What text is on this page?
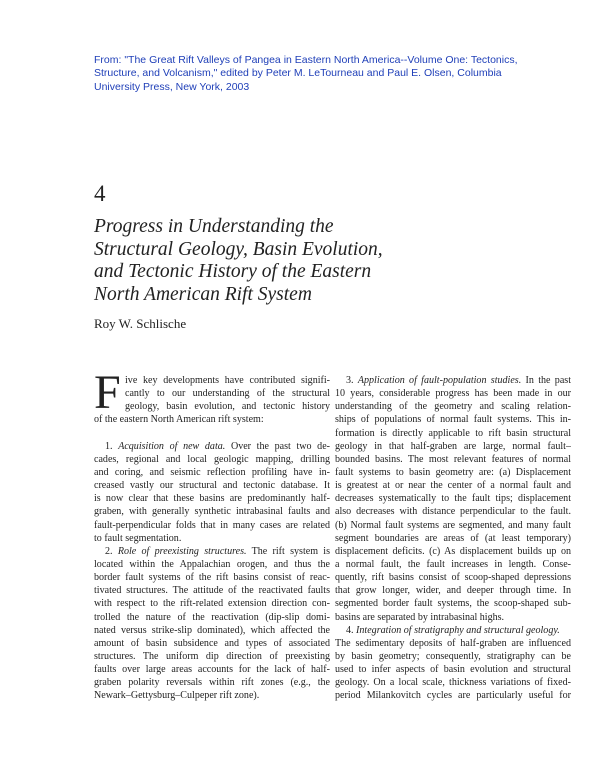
From: "The Great Rift Valleys of Pangea in Eastern North America--Volume One: Tectonics,
Structure, and Volcanism," edited by Peter M. LeTourneau and Paul E. Olsen, Columbia
University Press, New York, 2003
4
Progress in Understanding the
Structural Geology, Basin Evolution,
and Tectonic History of the Eastern
North American Rift System
Roy W. Schlische
F ive key developments have contributed signifi-
cantly to our understanding of the structural
geology, basin evolution, and tectonic history
of the eastern North American rift system:
1. Acquisition of new data. Over the past two de-
cades, regional and local geologic mapping, drilling
and coring, and seismic reflection profiling have in-
creased vastly our structural and tectonic database. It
is now clear that these basins are predominantly half-
graben, with generally synthetic intrabasinal faults and
fault-perpendicular folds that in many cases are related
to fault segmentation.
2. Role of preexisting structures. The rift system is
located within the Appalachian orogen, and thus the
border fault systems of the rift basins consist of reac-
tivated structures. The attitude of the reactivated faults
with respect to the rift-related extension direction con-
trolled the nature of the reactivation (dip-slip domi-
nated versus strike-slip dominated), which affected the
amount of basin subsidence and types of associated
structures. The uniform dip direction of preexisting
faults over large areas accounts for the lack of half-
graben polarity reversals within rift zones (e.g., the
Newark–Gettysburg–Culpeper rift zone).
3. Application of fault-population studies. In the past
10 years, considerable progress has been made in our
understanding of the geometry and scaling relation-
ships of populations of normal fault systems. This in-
formation is directly applicable to rift basin structural
geology in that half-graben are large, normal fault–
bounded basins. The most relevant features of normal
fault systems to basin geometry are: (a) Displacement
is greatest at or near the center of a normal fault and
decreases systematically to the fault tips; displacement
also decreases with distance perpendicular to the fault.
(b) Normal fault systems are segmented, and many fault
segment boundaries are areas of (at least temporary)
displacement deficits. (c) As displacement builds up on
a normal fault, the fault increases in length. Conse-
quently, rift basins consist of scoop-shaped depressions
that grow longer, wider, and deeper through time. In
segmented border fault systems, the scoop-shaped sub-
basins are separated by intrabasinal highs.
4. Integration of stratigraphy and structural geology.
The sedimentary deposits of half-graben are influenced
by basin geometry; consequently, stratigraphy can be
used to infer aspects of basin evolution and structural
geology. On a local scale, thickness variations of fixed-
period Milankovitch cycles are particularly useful for
